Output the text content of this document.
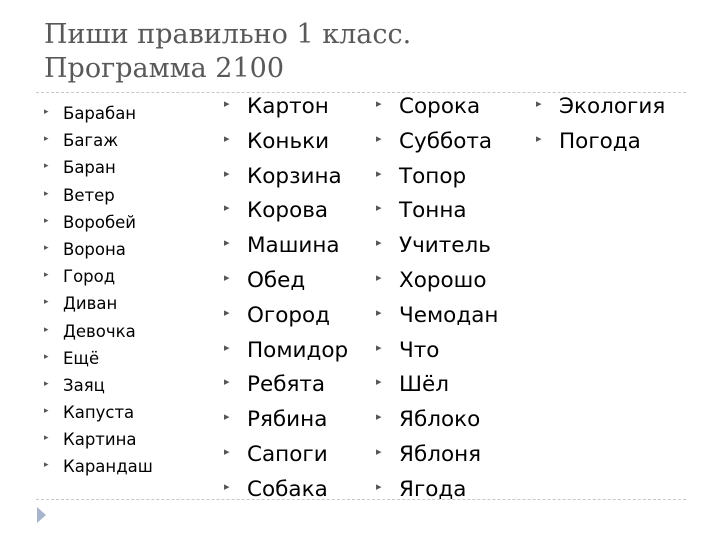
Пиши правильно 1 класс.
Программа 2100
▸ Барабан
▸ Багаж
▸ Баран
▸ Ветер
▸ Воробей
▸ Ворона
▸ Город
▸ Диван
▸ Девочка
▸ Ещё
▸ Заяц
▸ Капуста
▸ Картина
▸ Карандаш
▸ Картон
▸ Коньки
▸ Корзина
▸ Корова
▸ Машина
▸ Обед
▸ Огород
▸ Помидор
▸ Ребята
▸ Рябина
▸ Сапоги
▸ Собака
▸ Сорока
▸ Суббота
▸ Топор
▸ Тонна
▸ Учитель
▸ Хорошо
▸ Чемодан
▸ Что
▸ Шёл
▸ Яблоко
▸ Яблоня
▸ Ягода
▸ Экология
▸ Погода
